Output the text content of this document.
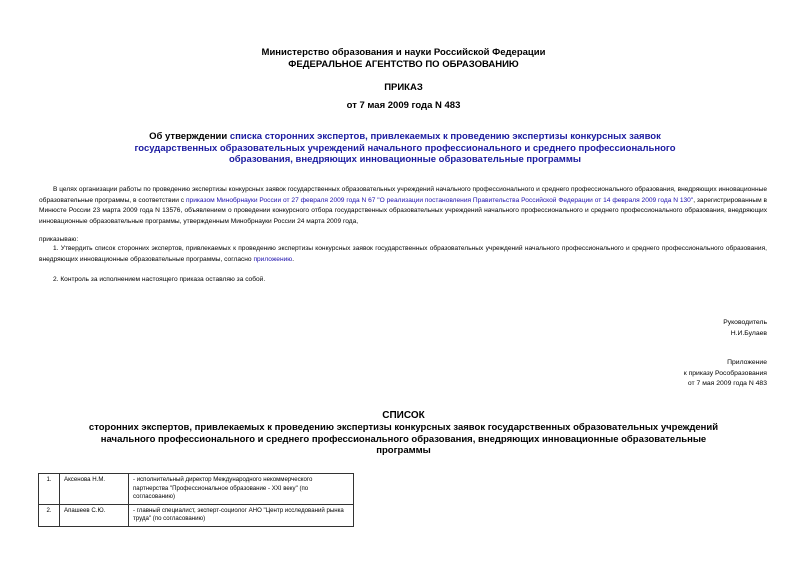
Министерство образования и науки Российской Федерации
ФЕДЕРАЛЬНОЕ АГЕНТСТВО ПО ОБРАЗОВАНИЮ
ПРИКАЗ
от 7 мая 2009 года N 483
Об утверждении списка сторонних экспертов, привлекаемых к проведению экспертизы конкурсных заявок государственных образовательных учреждений начального профессионального и среднего профессионального образования, внедряющих инновационные образовательные программы
В целях организации работы по проведению экспертизы конкурсных заявок государственных образовательных учреждений начального профессионального и среднего профессионального образования, внедряющих инновационные образовательные программы, в соответствии с приказом Минобрнауки России от 27 февраля 2009 года N 67 "О реализации постановления Правительства Российской Федерации от 14 февраля 2009 года N 130", зарегистрированным в Минюсте России 23 марта 2009 года N 13576, объявлением о проведении конкурсного отбора государственных образовательных учреждений начального профессионального и среднего профессионального образования, внедряющих инновационные образовательные программы, утвержденным Минобрнауки России 24 марта 2009 года,
приказываю:
1. Утвердить список сторонних экспертов, привлекаемых к проведению экспертизы конкурсных заявок государственных образовательных учреждений начального профессионального и среднего профессионального образования, внедряющих инновационные образовательные программы, согласно приложению.
2. Контроль за исполнением настоящего приказа оставляю за собой.
Руководитель
Н.И.Булаев
Приложение
к приказу Рособразования
от 7 мая 2009 года N 483
СПИСОК
сторонних экспертов, привлекаемых к проведению экспертизы конкурсных заявок государственных образовательных учреждений начального профессионального и среднего профессионального образования, внедряющих инновационные образовательные программы
1.	Аксенова Н.М.	- исполнительный директор Международного некоммерческого партнерства "Профессиональное образование - XXI веку" (по согласованию)
2.	Апашеев С.Ю.	- главный специалист, эксперт-социолог АНО "Центр исследований рынка труда" (по согласованию)
